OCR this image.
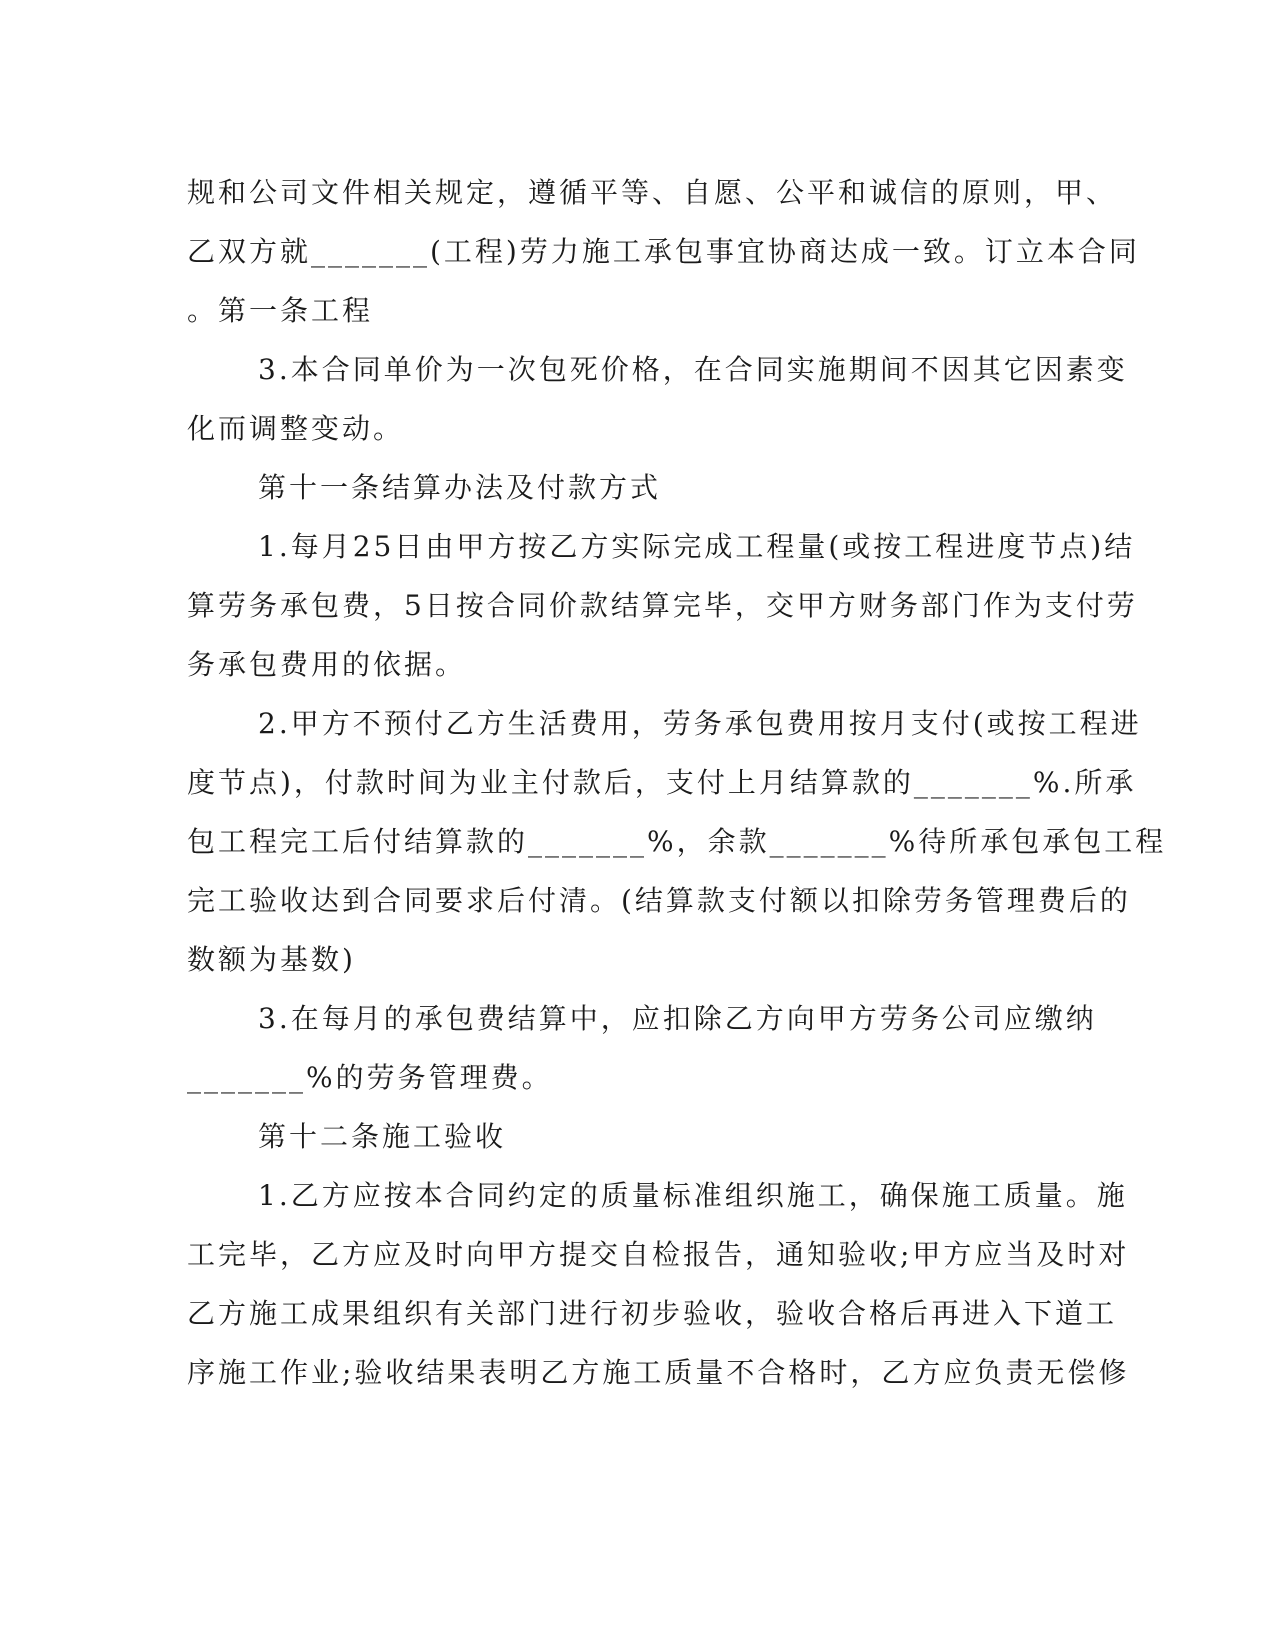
规和公司文件相关规定，遵循平等、自愿、公平和诚信的原则，甲、
乙双方就_______(工程)劳力施工承包事宜协商达成一致。订立本合同
。第一条工程
3.本合同单价为一次包死价格，在合同实施期间不因其它因素变
化而调整变动。
第十一条结算办法及付款方式
1.每月25日由甲方按乙方实际完成工程量(或按工程进度节点)结
算劳务承包费，5日按合同价款结算完毕，交甲方财务部门作为支付劳
务承包费用的依据。
2.甲方不预付乙方生活费用，劳务承包费用按月支付(或按工程进
度节点)，付款时间为业主付款后，支付上月结算款的_______%.所承
包工程完工后付结算款的_______%，余款_______%待所承包承包工程
完工验收达到合同要求后付清。(结算款支付额以扣除劳务管理费后的
数额为基数)
3.在每月的承包费结算中，应扣除乙方向甲方劳务公司应缴纳
_______%的劳务管理费。
第十二条施工验收
1.乙方应按本合同约定的质量标准组织施工，确保施工质量。施
工完毕，乙方应及时向甲方提交自检报告，通知验收;甲方应当及时对
乙方施工成果组织有关部门进行初步验收，验收合格后再进入下道工
序施工作业;验收结果表明乙方施工质量不合格时，乙方应负责无偿修
